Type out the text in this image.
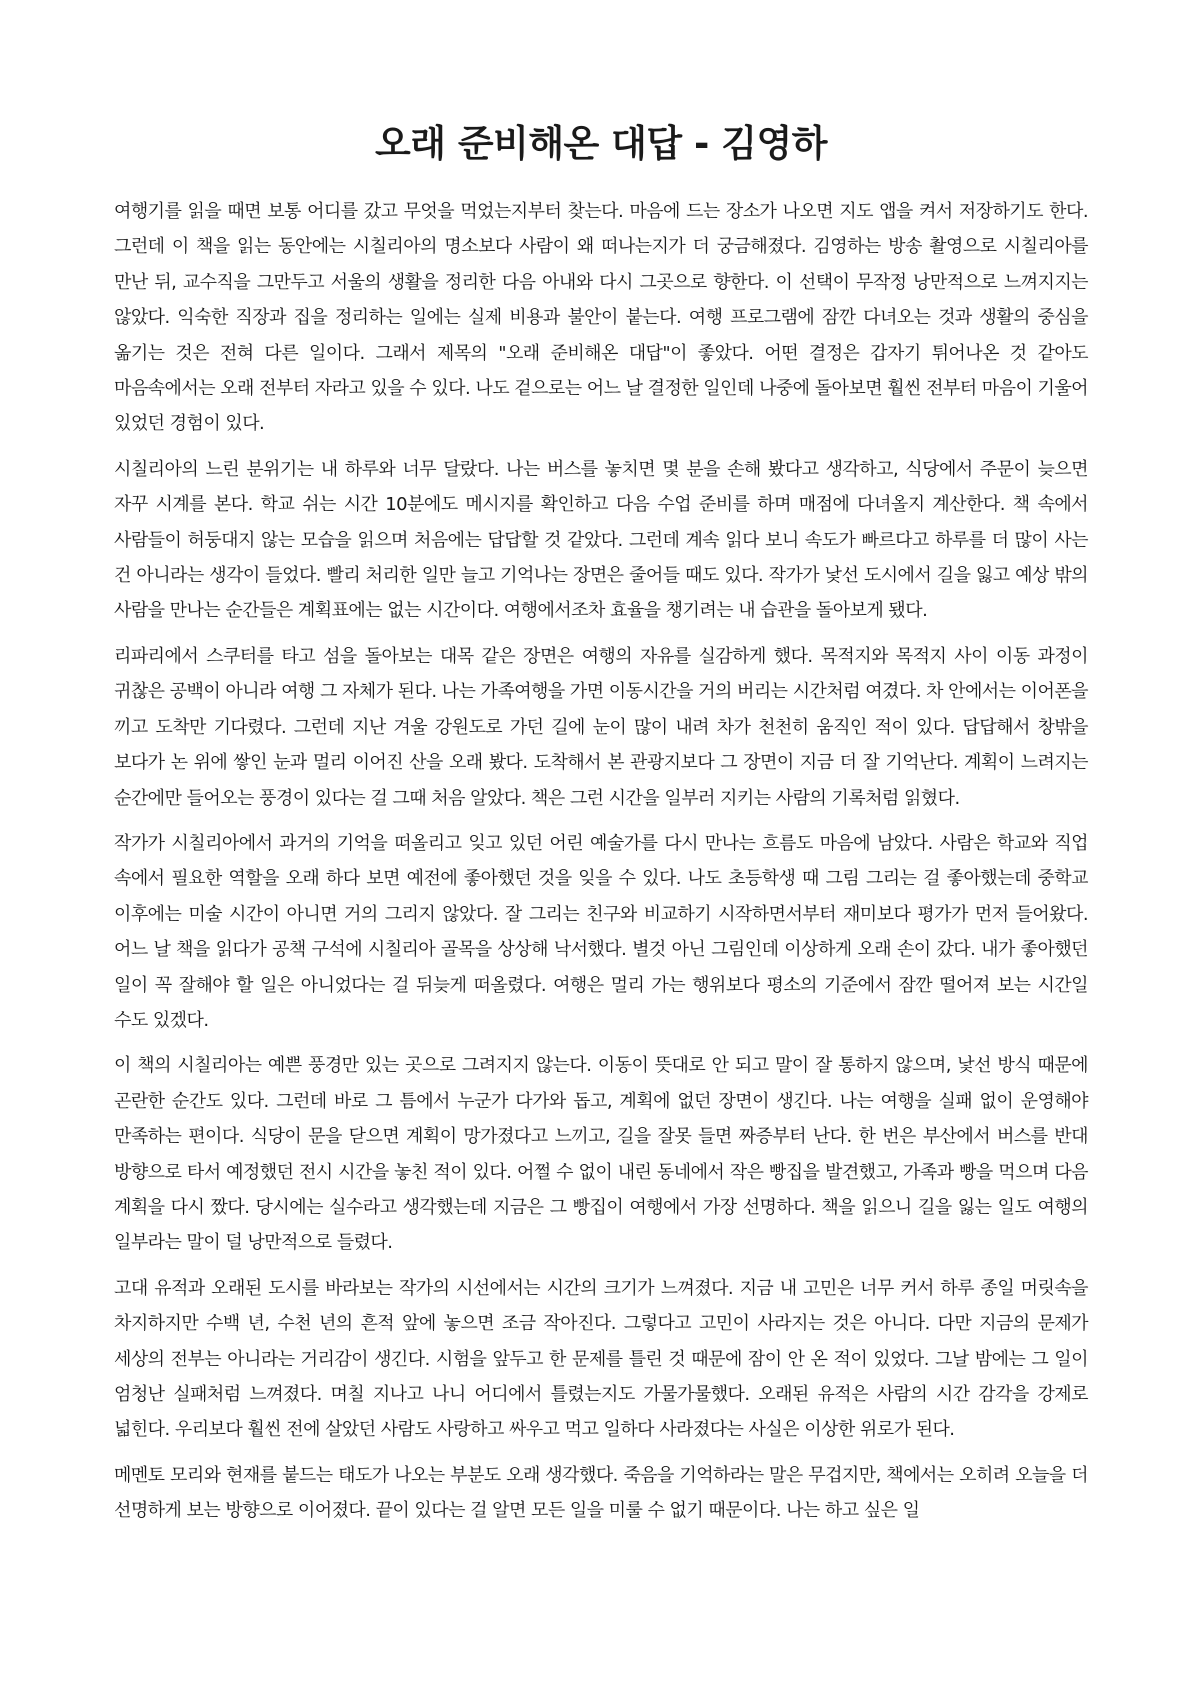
오래 준비해온 대답 - 김영하

여행기를 읽을 때면 보통 어디를 갔고 무엇을 먹었는지부터 찾는다. 마음에 드는 장소가 나오면 지도 앱을 켜서 저장하기도 한다. 그런데 이 책을 읽는 동안에는 시칠리아의 명소보다 사람이 왜 떠나는지가 더 궁금해졌다. 김영하는 방송 촬영으로 시칠리아를 만난 뒤, 교수직을 그만두고 서울의 생활을 정리한 다음 아내와 다시 그곳으로 향한다. 이 선택이 무작정 낭만적으로 느껴지지는 않았다. 익숙한 직장과 집을 정리하는 일에는 실제 비용과 불안이 붙는다. 여행 프로그램에 잠깐 다녀오는 것과 생활의 중심을 옮기는 것은 전혀 다른 일이다. 그래서 제목의 "오래 준비해온 대답"이 좋았다. 어떤 결정은 갑자기 튀어나온 것 같아도 마음속에서는 오래 전부터 자라고 있을 수 있다. 나도 겉으로는 어느 날 결정한 일인데 나중에 돌아보면 훨씬 전부터 마음이 기울어 있었던 경험이 있다.

시칠리아의 느린 분위기는 내 하루와 너무 달랐다. 나는 버스를 놓치면 몇 분을 손해 봤다고 생각하고, 식당에서 주문이 늦으면 자꾸 시계를 본다. 학교 쉬는 시간 10분에도 메시지를 확인하고 다음 수업 준비를 하며 매점에 다녀올지 계산한다. 책 속에서 사람들이 허둥대지 않는 모습을 읽으며 처음에는 답답할 것 같았다. 그런데 계속 읽다 보니 속도가 빠르다고 하루를 더 많이 사는 건 아니라는 생각이 들었다. 빨리 처리한 일만 늘고 기억나는 장면은 줄어들 때도 있다. 작가가 낯선 도시에서 길을 잃고 예상 밖의 사람을 만나는 순간들은 계획표에는 없는 시간이다. 여행에서조차 효율을 챙기려는 내 습관을 돌아보게 됐다.

리파리에서 스쿠터를 타고 섬을 돌아보는 대목 같은 장면은 여행의 자유를 실감하게 했다. 목적지와 목적지 사이 이동 과정이 귀찮은 공백이 아니라 여행 그 자체가 된다. 나는 가족여행을 가면 이동시간을 거의 버리는 시간처럼 여겼다. 차 안에서는 이어폰을 끼고 도착만 기다렸다. 그런데 지난 겨울 강원도로 가던 길에 눈이 많이 내려 차가 천천히 움직인 적이 있다. 답답해서 창밖을 보다가 논 위에 쌓인 눈과 멀리 이어진 산을 오래 봤다. 도착해서 본 관광지보다 그 장면이 지금 더 잘 기억난다. 계획이 느려지는 순간에만 들어오는 풍경이 있다는 걸 그때 처음 알았다. 책은 그런 시간을 일부러 지키는 사람의 기록처럼 읽혔다.

작가가 시칠리아에서 과거의 기억을 떠올리고 잊고 있던 어린 예술가를 다시 만나는 흐름도 마음에 남았다. 사람은 학교와 직업 속에서 필요한 역할을 오래 하다 보면 예전에 좋아했던 것을 잊을 수 있다. 나도 초등학생 때 그림 그리는 걸 좋아했는데 중학교 이후에는 미술 시간이 아니면 거의 그리지 않았다. 잘 그리는 친구와 비교하기 시작하면서부터 재미보다 평가가 먼저 들어왔다. 어느 날 책을 읽다가 공책 구석에 시칠리아 골목을 상상해 낙서했다. 별것 아닌 그림인데 이상하게 오래 손이 갔다. 내가 좋아했던 일이 꼭 잘해야 할 일은 아니었다는 걸 뒤늦게 떠올렸다. 여행은 멀리 가는 행위보다 평소의 기준에서 잠깐 떨어져 보는 시간일 수도 있겠다.

이 책의 시칠리아는 예쁜 풍경만 있는 곳으로 그려지지 않는다. 이동이 뜻대로 안 되고 말이 잘 통하지 않으며, 낯선 방식 때문에 곤란한 순간도 있다. 그런데 바로 그 틈에서 누군가 다가와 돕고, 계획에 없던 장면이 생긴다. 나는 여행을 실패 없이 운영해야 만족하는 편이다. 식당이 문을 닫으면 계획이 망가졌다고 느끼고, 길을 잘못 들면 짜증부터 난다. 한 번은 부산에서 버스를 반대 방향으로 타서 예정했던 전시 시간을 놓친 적이 있다. 어쩔 수 없이 내린 동네에서 작은 빵집을 발견했고, 가족과 빵을 먹으며 다음 계획을 다시 짰다. 당시에는 실수라고 생각했는데 지금은 그 빵집이 여행에서 가장 선명하다. 책을 읽으니 길을 잃는 일도 여행의 일부라는 말이 덜 낭만적으로 들렸다.

고대 유적과 오래된 도시를 바라보는 작가의 시선에서는 시간의 크기가 느껴졌다. 지금 내 고민은 너무 커서 하루 종일 머릿속을 차지하지만 수백 년, 수천 년의 흔적 앞에 놓으면 조금 작아진다. 그렇다고 고민이 사라지는 것은 아니다. 다만 지금의 문제가 세상의 전부는 아니라는 거리감이 생긴다. 시험을 앞두고 한 문제를 틀린 것 때문에 잠이 안 온 적이 있었다. 그날 밤에는 그 일이 엄청난 실패처럼 느껴졌다. 며칠 지나고 나니 어디에서 틀렸는지도 가물가물했다. 오래된 유적은 사람의 시간 감각을 강제로 넓힌다. 우리보다 훨씬 전에 살았던 사람도 사랑하고 싸우고 먹고 일하다 사라졌다는 사실은 이상한 위로가 된다.

메멘토 모리와 현재를 붙드는 태도가 나오는 부분도 오래 생각했다. 죽음을 기억하라는 말은 무겁지만, 책에서는 오히려 오늘을 더 선명하게 보는 방향으로 이어졌다. 끝이 있다는 걸 알면 모든 일을 미룰 수 없기 때문이다. 나는 하고 싶은 일
